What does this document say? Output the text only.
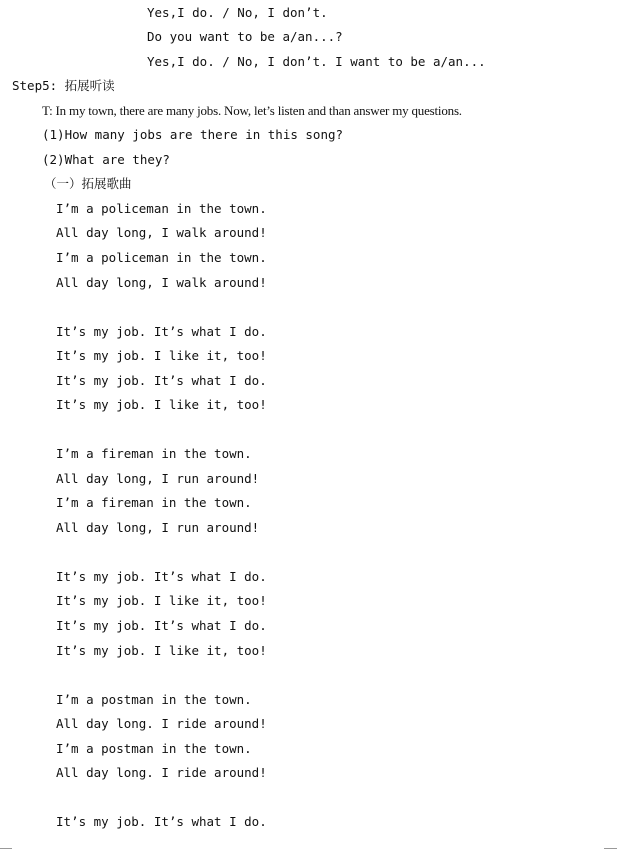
Yes,I do. / No, I don’t.
Do you want to be a/an...?
Yes,I do. / No, I don’t. I want to be a/an...
Step5: 拓展听读
T: In my town, there are many jobs. Now, let’s listen and than answer my questions.
(1)How many jobs are there in this song?
(2)What are they?
（一）拓展歌曲
I’m a policeman in the town.
All day long, I walk around!
I’m a policeman in the town.
All day long, I walk around!
It’s my job. It’s what I do.
It’s my job. I like it, too!
It’s my job. It’s what I do.
It’s my job. I like it, too!
I’m a fireman in the town.
All day long, I run around!
I’m a fireman in the town.
All day long, I run around!
It’s my job. It’s what I do.
It’s my job. I like it, too!
It’s my job. It’s what I do.
It’s my job. I like it, too!
I’m a postman in the town.
All day long. I ride around!
I’m a postman in the town.
All day long. I ride around!
It’s my job. It’s what I do.
